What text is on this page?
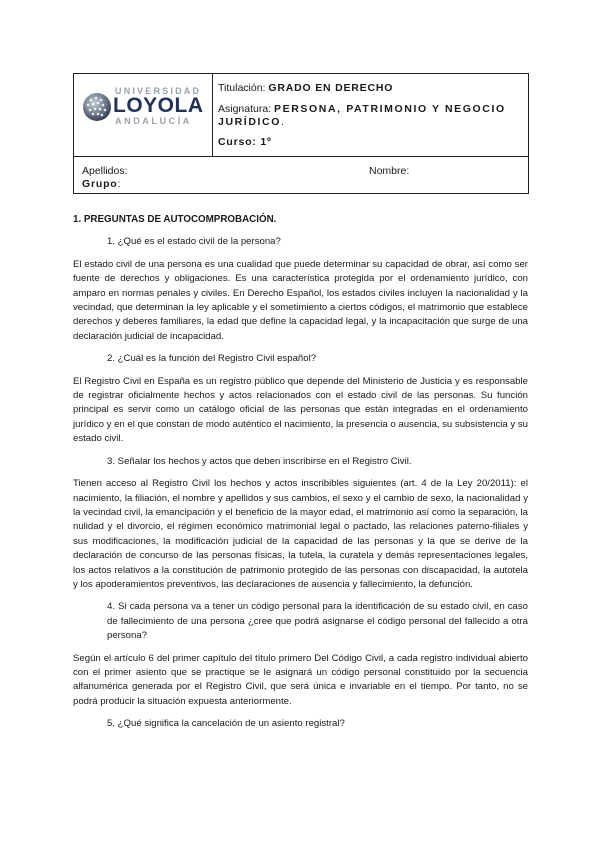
UNIVERSIDAD
LOYOLA
ANDALUCÍA
Titulación: GRADO EN DERECHO
Asignatura: PERSONA, PATRIMONIO Y NEGOCIO JURÍDICO.
Curso: 1º
Apellidos:
Grupo:
Nombre:
1. PREGUNTAS DE AUTOCOMPROBACIÓN.
1. ¿Qué es el estado civil de la persona?
El estado civil de una persona es una cualidad que puede determinar su capacidad de obrar, así como ser fuente de derechos y obligaciones. Es una característica protegida por el ordenamiento jurídico, con amparo en normas penales y civiles. En Derecho Español, los estados civiles incluyen la nacionalidad y la vecindad, que determinan la ley aplicable y el sometimiento a ciertos códigos, el matrimonio que establece derechos y deberes familiares, la edad que define la capacidad legal, y la incapacitación que surge de una declaración judicial de incapacidad.
2. ¿Cuál es la función del Registro Civil español?
El Registro Civil en España es un registro público que depende del Ministerio de Justicia y es responsable de registrar oficialmente hechos y actos relacionados con el estado civil de las personas. Su función principal es servir como un catálogo oficial de las personas que están integradas en el ordenamiento jurídico y en el que constan de modo auténtico el nacimiento, la presencia o ausencia, su subsistencia y su estado civil.
3. Señalar los hechos y actos que deben inscribirse en el Registro Civil.
Tienen acceso al Registro Civil los hechos y actos inscribibles siguientes (art. 4 de la Ley 20/2011): el nacimiento, la filiación, el nombre y apellidos y sus cambios, el sexo y el cambio de sexo, la nacionalidad y la vecindad civil, la emancipación y el beneficio de la mayor edad, el matrimonio así como la separación, la nulidad y el divorcio, el régimen económico matrimonial legal o pactado, las relaciones paterno-filiales y sus modificaciones, la modificación judicial de la capacidad de las personas y la que se derive de la declaración de concurso de las personas físicas, la tutela, la curatela y demás representaciones legales, los actos relativos a la constitución de patrimonio protegido de las personas con discapacidad, la autotela y los apoderamientos preventivos, las declaraciones de ausencia y fallecimiento, la defunción.
4. Si cada persona va a tener un código personal para la identificación de su estado civil, en caso de fallecimiento de una persona ¿cree que podrá asignarse el código personal del fallecido a otra persona?
Según el artículo 6 del primer capítulo del título primero Del Código Civil, a cada registro individual abierto con el primer asiento que se practique se le asignará un código personal constituido por la secuencia alfanumérica generada por el Registro Civil, que será única e invariable en el tiempo. Por tanto, no se podrá producir la situación expuesta anteriormente.
5. ¿Qué significa la cancelación de un asiento registral?
